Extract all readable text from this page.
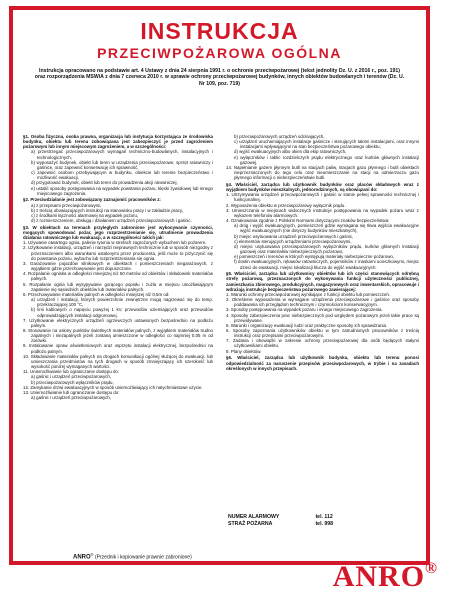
INSTRUKCJA
PRZECIWPOŻAROWA OGÓLNA
Instrukcja opracowano na podstawie art. 4 Ustawy z dnia 24 sierpnia 1991 r. o ochronie przeciwpożarowej (tekst jednolity Dz. U. z 2016 r., poz. 191) oraz rozporządzenia MSWiA z dnia 7 czerwca 2010 r. w sprawie ochrony przeciwpożarowej budynków, innych obiektów budowlanych i terenów (Dz. U. Nr 109, poz. 719)
§1. Osoba fizyczna, osoba prawna, organizacja lub instytucja korzystająca ze środowiska budynku, obiektu lub terenu zobowiązana jest zabezpieczyć je przed zagrożeniem pożarowym lub innym miejscowym zagrożeniem, a w szczególności:
a) przestrzegać przeciwpożarowych wymagań techniczno-budowlanych, instalacyjnych i technologicznych,
b) wyposażyć budynek, obiekt lub teren w urządzenia przeciwpożarowe, sprzęt ratowniczy i gaśnice, oraz zapewnić konserwację ich sprawność,
c) zapewnić osobom przebywającym w budynku, obiekcie lub terenie bezpieczeństwo i możliwość ewakuacji,
d) przygotować budynek, obiekt lub teren do prowadzenia akcji ratowniczej,
e) ustalić sposoby postępowania na wypadek powstania pożaru, klęski żywiołowej lub innego miejscowego zagrożenia.
§2. Przeciwdziałanie jest zobowiązany zaznajomić pracowników z:
a) z przepisami przeciwpożarowymi,
b) z treścią obowiązujących instrukcji na stanowisku pracy i w zakładzie pracy,
c) z środkami łączności alarmowej na wypadek pożaru,
d) z rozmieszczeniem, obsługą i działaniem urządzeń przeciwpożarowych i gaśnic.
§3. W obiektach na terenach przyległych zabronione jest wykonywanie czynności, mogących spowodować pożar, jego rozprzestrzenianie się, utrudnienie prowadzenia działania ratowniczego lub ewakuacji, a w szczególności takich jak:
1. Używanie otwartego ognia, palenie tytoniu w strefach zagrożonych wybuchem lub pożarem.
2. Użytkowanie instalacji, urządzeń i narzędzi nieprawnych technicznie lub w sposób niezgodny z przeznaczeniem albo warunkami ustalonymi przez producenta, jeśli może to przyczynić się do powstania pożaru, wybuchu lub rozprzestrzeniania się ognia.
3. Garażowanie pojazdów silnikowych w obiektach i pomieszczeniach niegarażowych, z wyjątkiem gdzie przechowywanie jest dopuszczone.
4. Rozpalanie ogniska w odległości mniejszej niż 50 metrów od obiektów i składowisk materiałów palnych.
5. Rozpalanie ognia lub wysypywanie gorącego popiołu i żużla w miejscu umożliwiającym zapalenie się sąsiednich obiektów lub materiałów palnych.
6. Przechowywanie materiałów palnych w odległości mniejszej niż 0,5m od:
a) urządzeń i instalacji, których powierzchnie zewnętrzne mogą nagrzewać się do temp. przekraczającej 100 °C,
b) linii kablowych o napięciu powyżej 1 kV, przewodów uziemiających oraz przewodów odprowadzających instalacji odgromowej.
7. Użytkowanie elektrycznych urządzeń ogrzewczych ustawionych bezpośrednio na podłożu palnym.
8. Stosowanie na osłony punktów świetlnych materiałów palnych, z wyjątkiem materiałów trudno zapalnych i niezapalnych jeżeli zostaną umieszczone w odległości co najmniej 0,05 m od żarówki.
9. Instalowanie opraw oświetleniowych oraz osprzętu instalacji elektrycznej, bezpośrednio na podłożu palnym.
10. Składowanie materiałów palnych na drogach komunikacji ogólnej służącej do ewakuacji, lub umieszczania przedmiotów na tych drogach w sposób zmniejszający ich szerokość lub wysokość poniżej wymaganych wartości.
11. Uniemożliwianie lub ograniczanie dostępu do:
a) gaśnic i urządzeń przeciwpożarowych,
b) przeciwpożarowych wyłączników prądu,
12. Zamykanie drzwi ewakuacyjnych w sposób uniemożliwiający ich natychmiastowe użycie.
13. Uniemożliwianie lub ograniczanie dostępu do:
a) gaśnic i urządzeń przeciwpożarowych,
b) przeciwpożarowych urządzeń odcinających,
c) urządzeń uruchamiających instalacje gaśnicze i sterujących takimi instalacjami, oraz innymi instalacjami wpływającymi na stan bezpieczeństwa pożarowego obiektu,
d) wyjść ewakuacyjnych albo okien dla ekip ratowniczych,
e) wyłączników i tablic rozdzielczych prądu elektrycznego oraz kurków głównych instalacji gazowej.
14. Napełnianie gazem płynnym butli na stacjach paliw, stacjach gazu płynnego i butli obiektach nieprzeznaczonych do tego celu oraz nieumieszczanie na stacji na odmierzaczu gazu płynnego informacji o niebezpieczeństwie butli.
§4. Właściciel, zarządca lub użytkownik budynków oraz placów składowych wraz z wyjątkiem budynków mieszkalnych, jednorodzinnych, są obowiązani do:
1. Utrzymywania urządzeń przeciwpożarowych i gaśnic w stanie pełnej sprawności technicznej i funkcjonalnej.
2. Wyposażenia obiektu w przeciwpożarowy wyłącznik prądu.
3. Umieszczania w miejscach widocznych instrukcje postępowania na wypadek pożaru wraz z wykazem telefonów alarmowych.
4. Oznakowania zgodnie z Polskimi Normami dotyczącymi znaków bezpieczeństwa:
a) dróg i wyjść ewakuacyjnych, pomieszczeń gdzie wymagana się tkwa wyjścia ewakuacyjne wyjść ewakuacyjnych (nie dotyczy budynków mieszkalnych),
b) miejsc usytuowania urządzeń przeciwpożarowych i gaśnic,
c) elementów sterujących urządzeniami przeciwpożarowymi,
d) miejsc usytuowania przeciwpożarowych wyłączników prądu, kurków głównych instalacji gazowej oraz materiałów niebezpiecznych pożarowo,
e) pomieszczeń i terenów w których występują materiały niebezpieczne pożarowo,
f) dostin ewakuacyjnych, rękawów ratowniczych, pojemników z maskami ucieczkowymi, miejsc dzieci do ewakuacji, miejsc lokalizacji klucza do wyjść ewakuacyjnych.
§5. Właściciel, zarządca lub użytkownicy obiektów lub ich części stanowiących odrębną strefę pożarową, przeznaczonych do wykonywania funkcji użyteczności publicznej, zamieszkania zbiorowego, produkcyjnych, magazynowych oraz inwentarskich, opracowuje i wdrażają instrukcje bezpieczeństwa pożarowego zawierającej:
1. Warunki ochrony przeciwpożarowej wynikające z funkcji obiektu lub pomieszczeń.
2. Określenie wyposażenia w wymagane urządzenia przeciwpożarowe i gaśnice oraz sposoby poddawania ich przeglądom technicznym i czynnościom konserwacyjnym.
3. Sposoby postępowania na wypadek pożaru i innego miejscowego zagrożenia.
4. Sposoby zabezpieczenia prac niebezpiecznych pod względem pożarowym jeżeli takie prace są przewidywane.
5. Warunki i organizację ewakuacji ludzi oraz praktyczne sposoby ich sprawdzania.
6. Sposoby zapoznania użytkowników obiektu w tym zatrudnionych pracowników z treścią instrukcji oraz przepisami przeciwpożarowymi.
7. Zadania i obowiązki w zakresie ochrony przeciwpożarowej dla osób będących stałymi użytkownikami obiektu.
8. Plany obiektów.
§6. Właściciel, zarządca lub użytkownik budynku, obiektu lub terenu ponosi odpowiedzialność za naruszenie przepisów przeciwpożarowych, w trybie i na zasadach określonych w innych przepisach.
NUMER ALARMOWY	tel. 112
STRAŻ POŻARNA	tel. 998
ANRO® (Przednik i kopiowanie prawnie zabronione)
ANRO®
